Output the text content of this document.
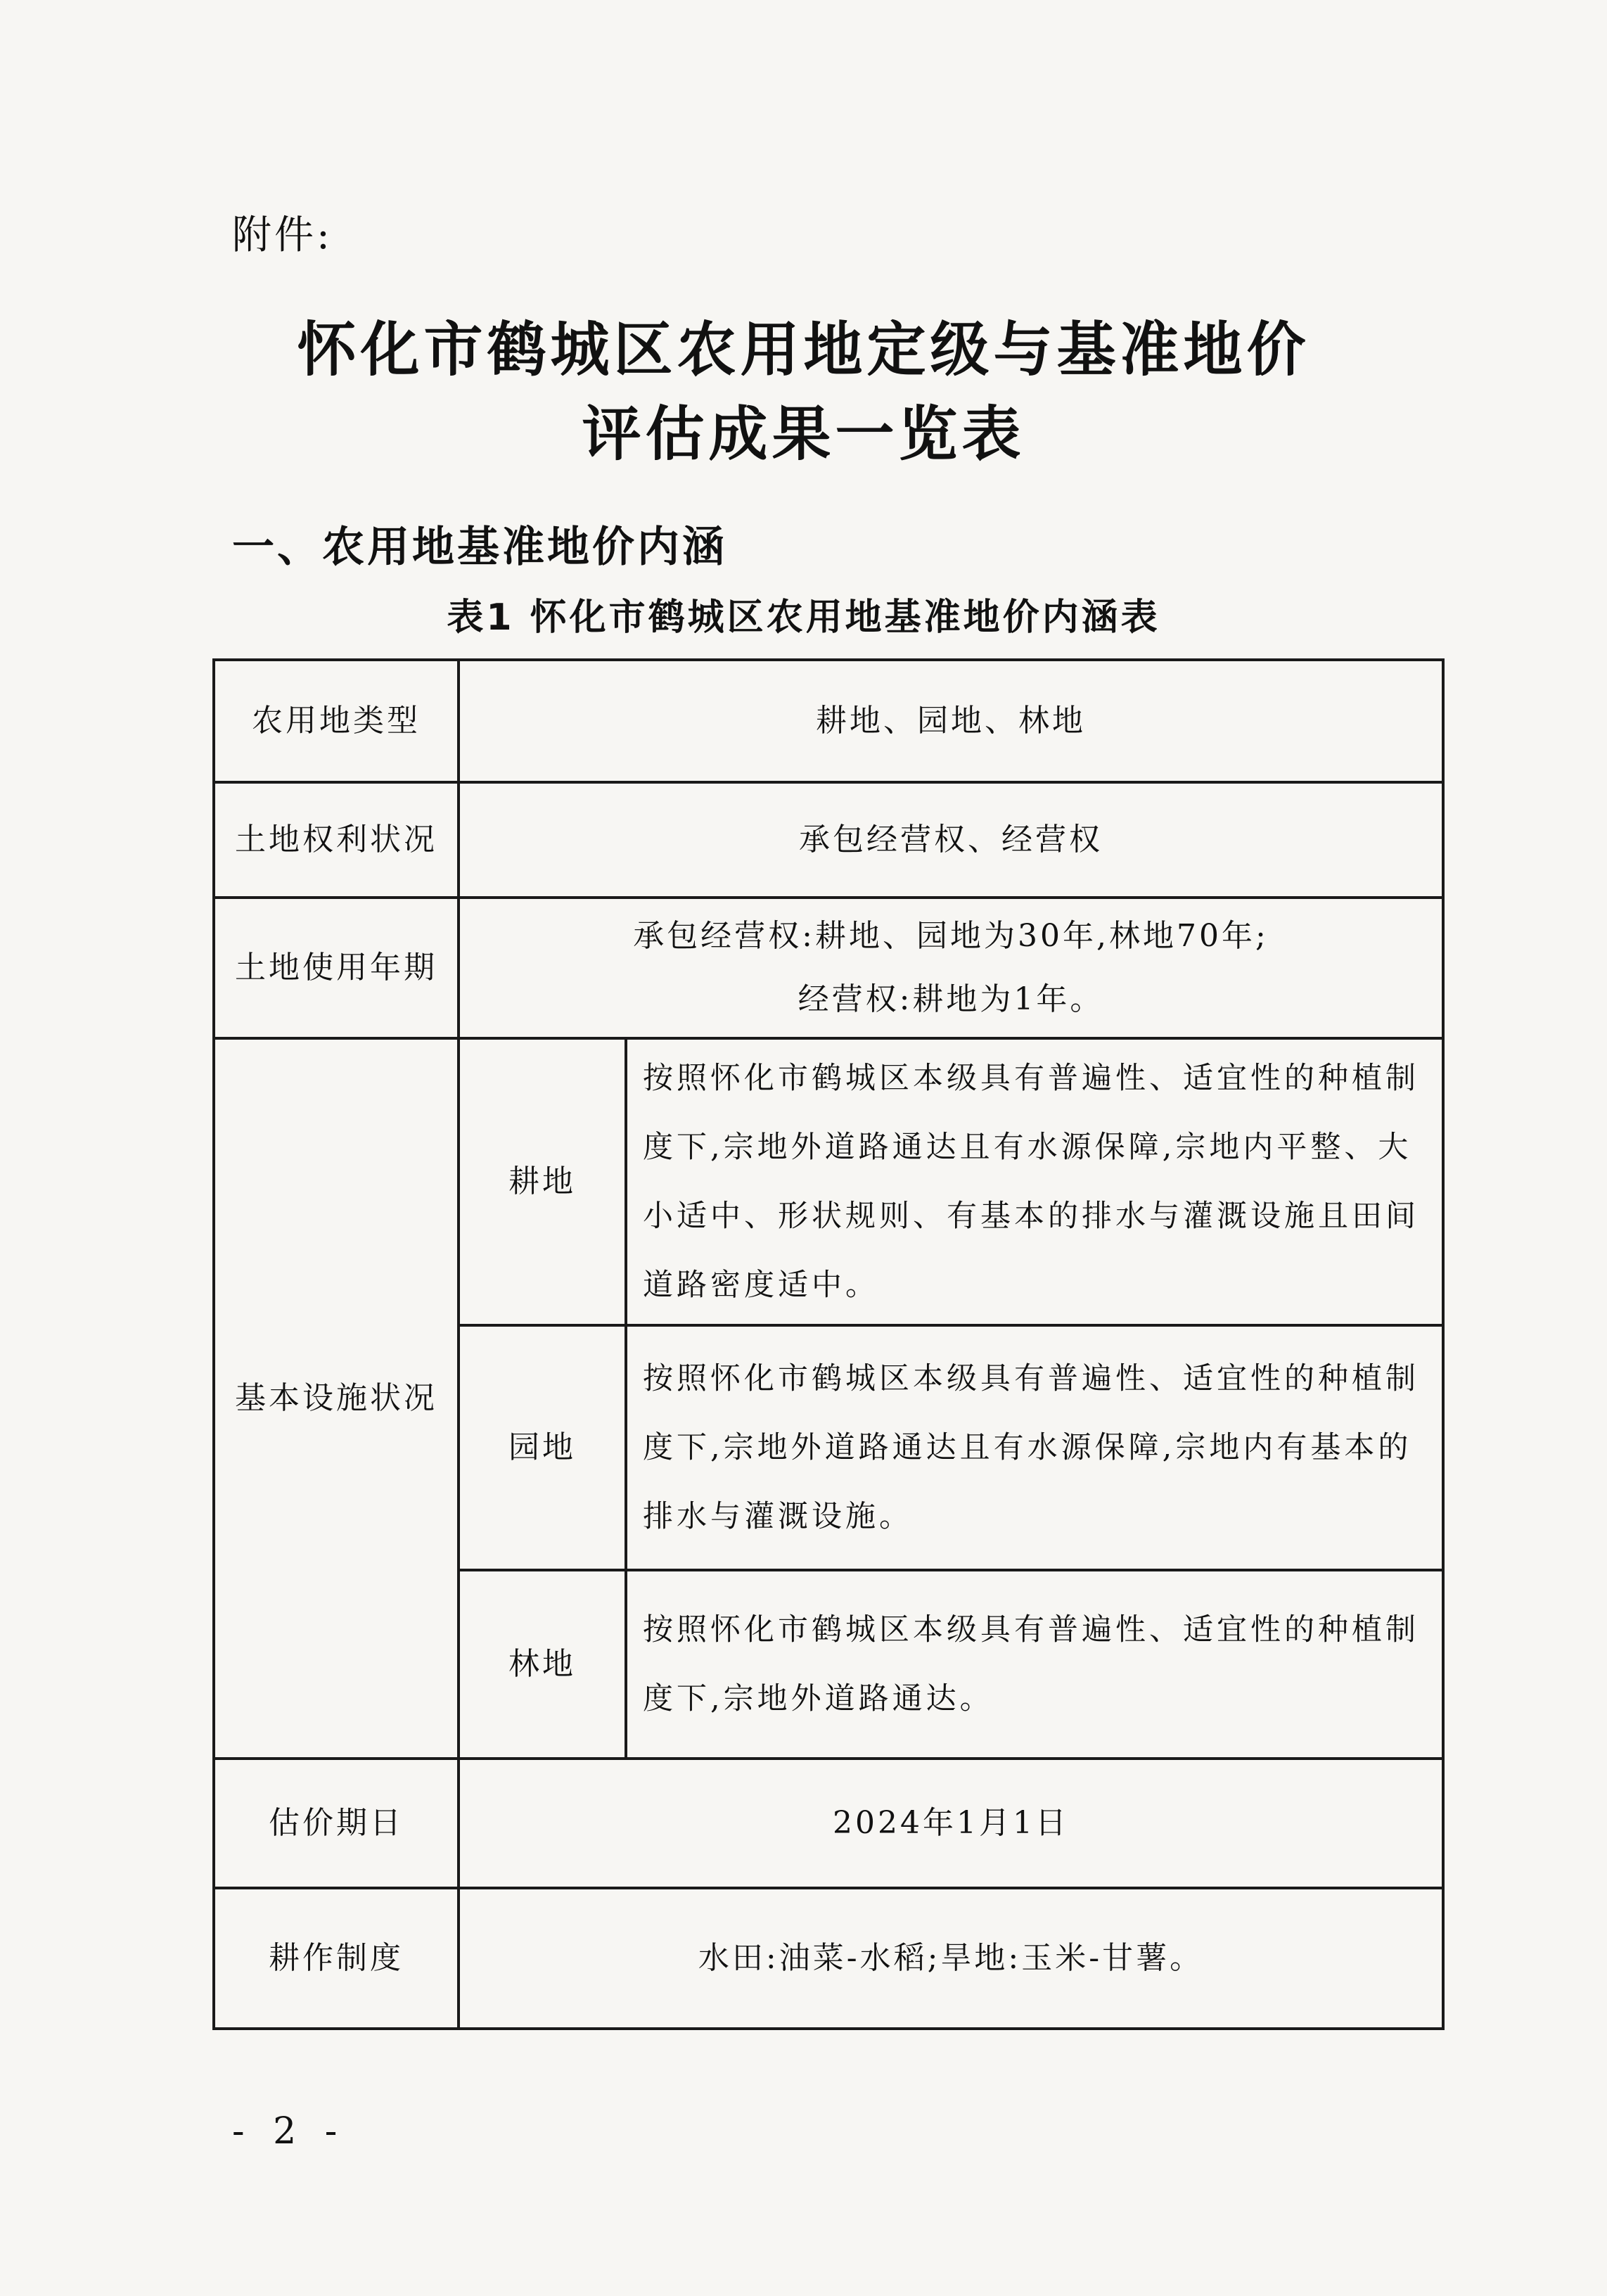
附件:
怀化市鹤城区农用地定级与基准地价
评估成果一览表
一、农用地基准地价内涵
表1 怀化市鹤城区农用地基准地价内涵表
农用地类型	耕地、园地、林地	
土地权利状况	承包经营权、经营权	
土地使用年期	承包经营权:耕地、园地为30年,林地70年;
经营权:耕地为1年。	

基本设施状况	耕地	按照怀化市鹤城区本级具有普遍性、适宜性的种植制度下,宗地外道路通达且有水源保障,宗地内平整、大小适中、形状规则、有基本的排水与灌溉设施且田间道路密度适中。
	园地	按照怀化市鹤城区本级具有普遍性、适宜性的种植制度下,宗地外道路通达且有水源保障,宗地内有基本的排水与灌溉设施。
	林地	按照怀化市鹤城区本级具有普遍性、适宜性的种植制度下,宗地外道路通达。
估价期日	2024年1月1日	
耕作制度	水田:油菜-水稻;旱地:玉米-甘薯。	
- 2 -
